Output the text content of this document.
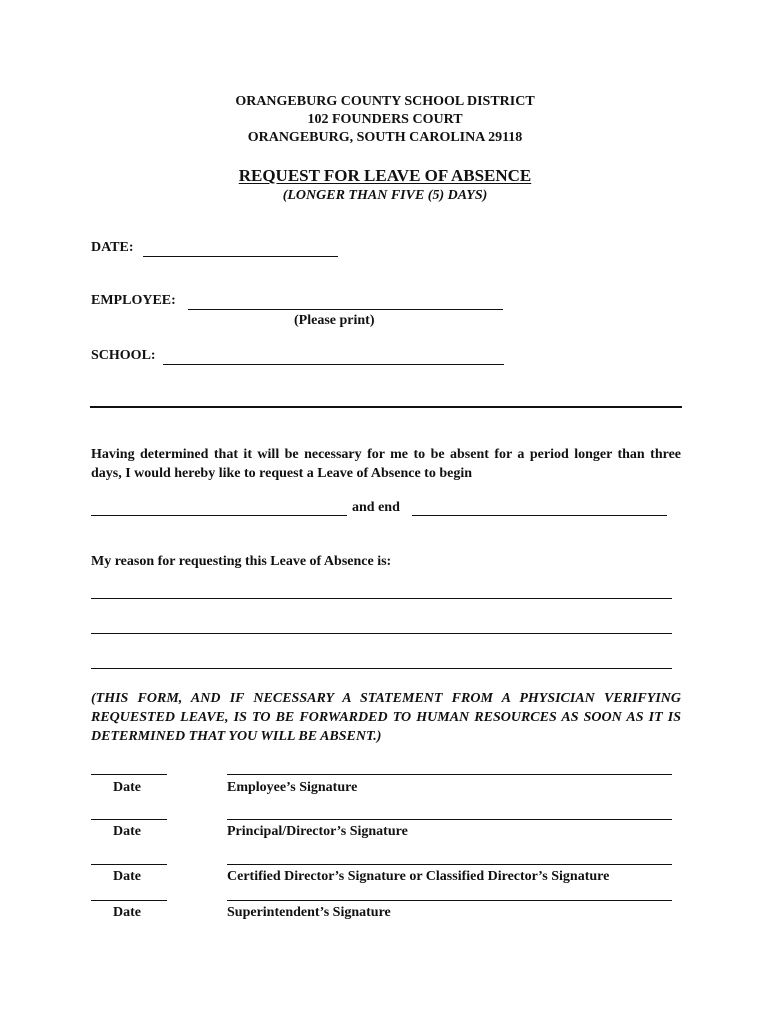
ORANGEBURG COUNTY SCHOOL DISTRICT
102 FOUNDERS COURT
ORANGEBURG, SOUTH CAROLINA 29118
REQUEST FOR LEAVE OF ABSENCE
(LONGER THAN FIVE (5) DAYS)
DATE:
EMPLOYEE:
(Please print)
SCHOOL:
Having determined that it will be necessary for me to be absent for a period longer than three days, I would hereby like to request a Leave of Absence to begin
and end
My reason for requesting this Leave of Absence is:
(THIS FORM, AND IF NECESSARY A STATEMENT FROM A PHYSICIAN VERIFYING REQUESTED LEAVE, IS TO BE FORWARDED TO HUMAN RESOURCES AS SOON AS IT IS DETERMINED THAT YOU WILL BE ABSENT.)
Date	Employee’s Signature
Date	Principal/Director’s Signature
Date	Certified Director’s Signature or Classified Director’s Signature
Date	Superintendent’s Signature
